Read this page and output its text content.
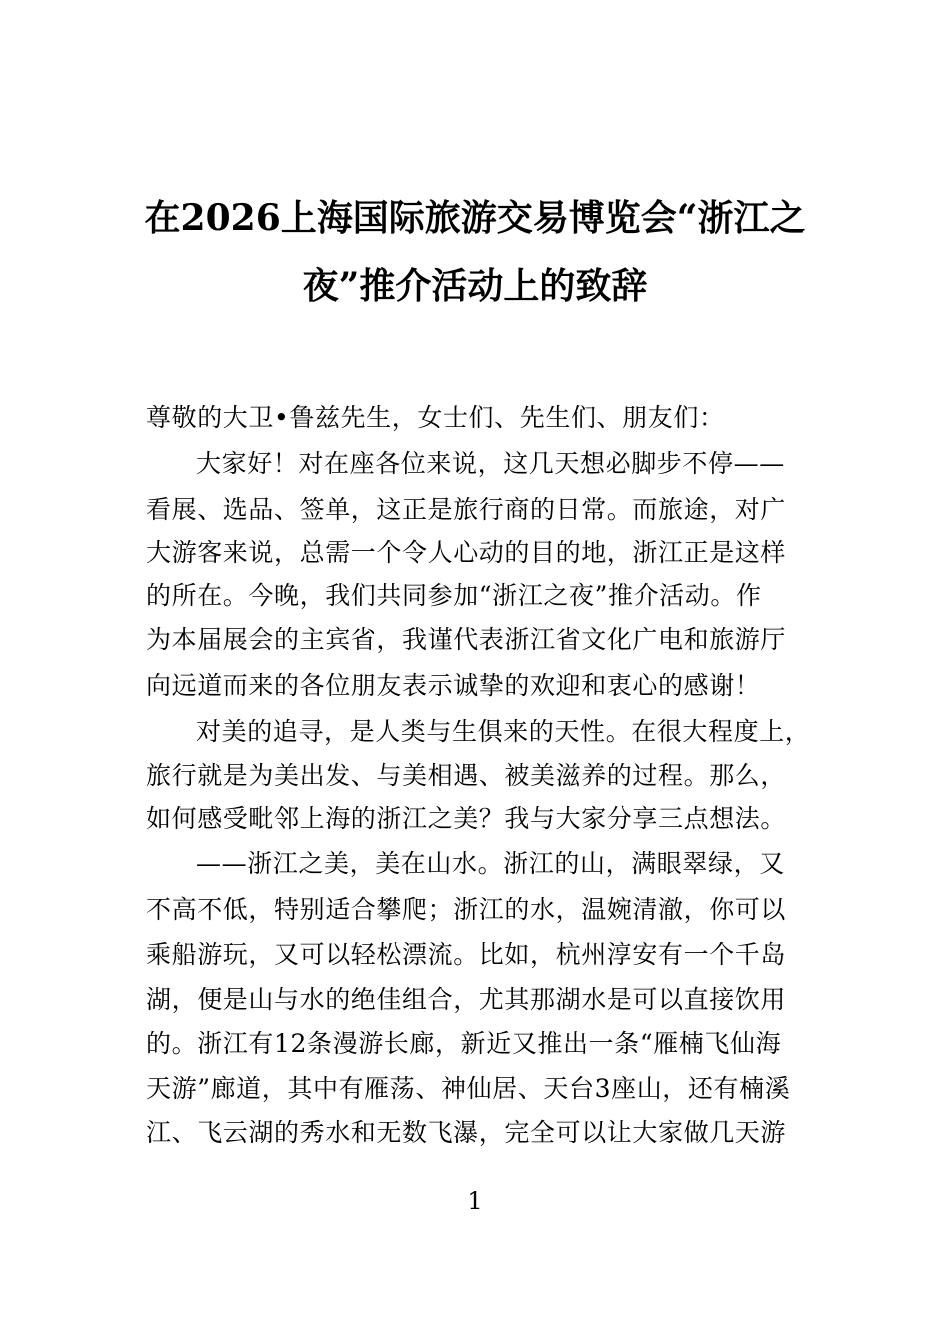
在2026上海国际旅游交易博览会“浙江之
夜”推介活动上的致辞
尊敬的大卫•鲁兹先生，女士们、先生们、朋友们：
大家好！对在座各位来说，这几天想必脚步不停——
看展、选品、签单，这正是旅行商的日常。而旅途，对广
大游客来说，总需一个令人心动的目的地，浙江正是这样
的所在。今晚，我们共同参加“浙江之夜”推介活动。作
为本届展会的主宾省，我谨代表浙江省文化广电和旅游厅
向远道而来的各位朋友表示诚挚的欢迎和衷心的感谢！
对美的追寻，是人类与生俱来的天性。在很大程度上，
旅行就是为美出发、与美相遇、被美滋养的过程。那么，
如何感受毗邻上海的浙江之美？我与大家分享三点想法。
——浙江之美，美在山水。浙江的山，满眼翠绿，又
不高不低，特别适合攀爬；浙江的水，温婉清澈，你可以
乘船游玩，又可以轻松漂流。比如，杭州淳安有一个千岛
湖，便是山与水的绝佳组合，尤其那湖水是可以直接饮用
的。浙江有12条漫游长廊，新近又推出一条“雁楠飞仙海
天游”廊道，其中有雁荡、神仙居、天台3座山，还有楠溪
江、飞云湖的秀水和无数飞瀑，完全可以让大家做几天游
1
